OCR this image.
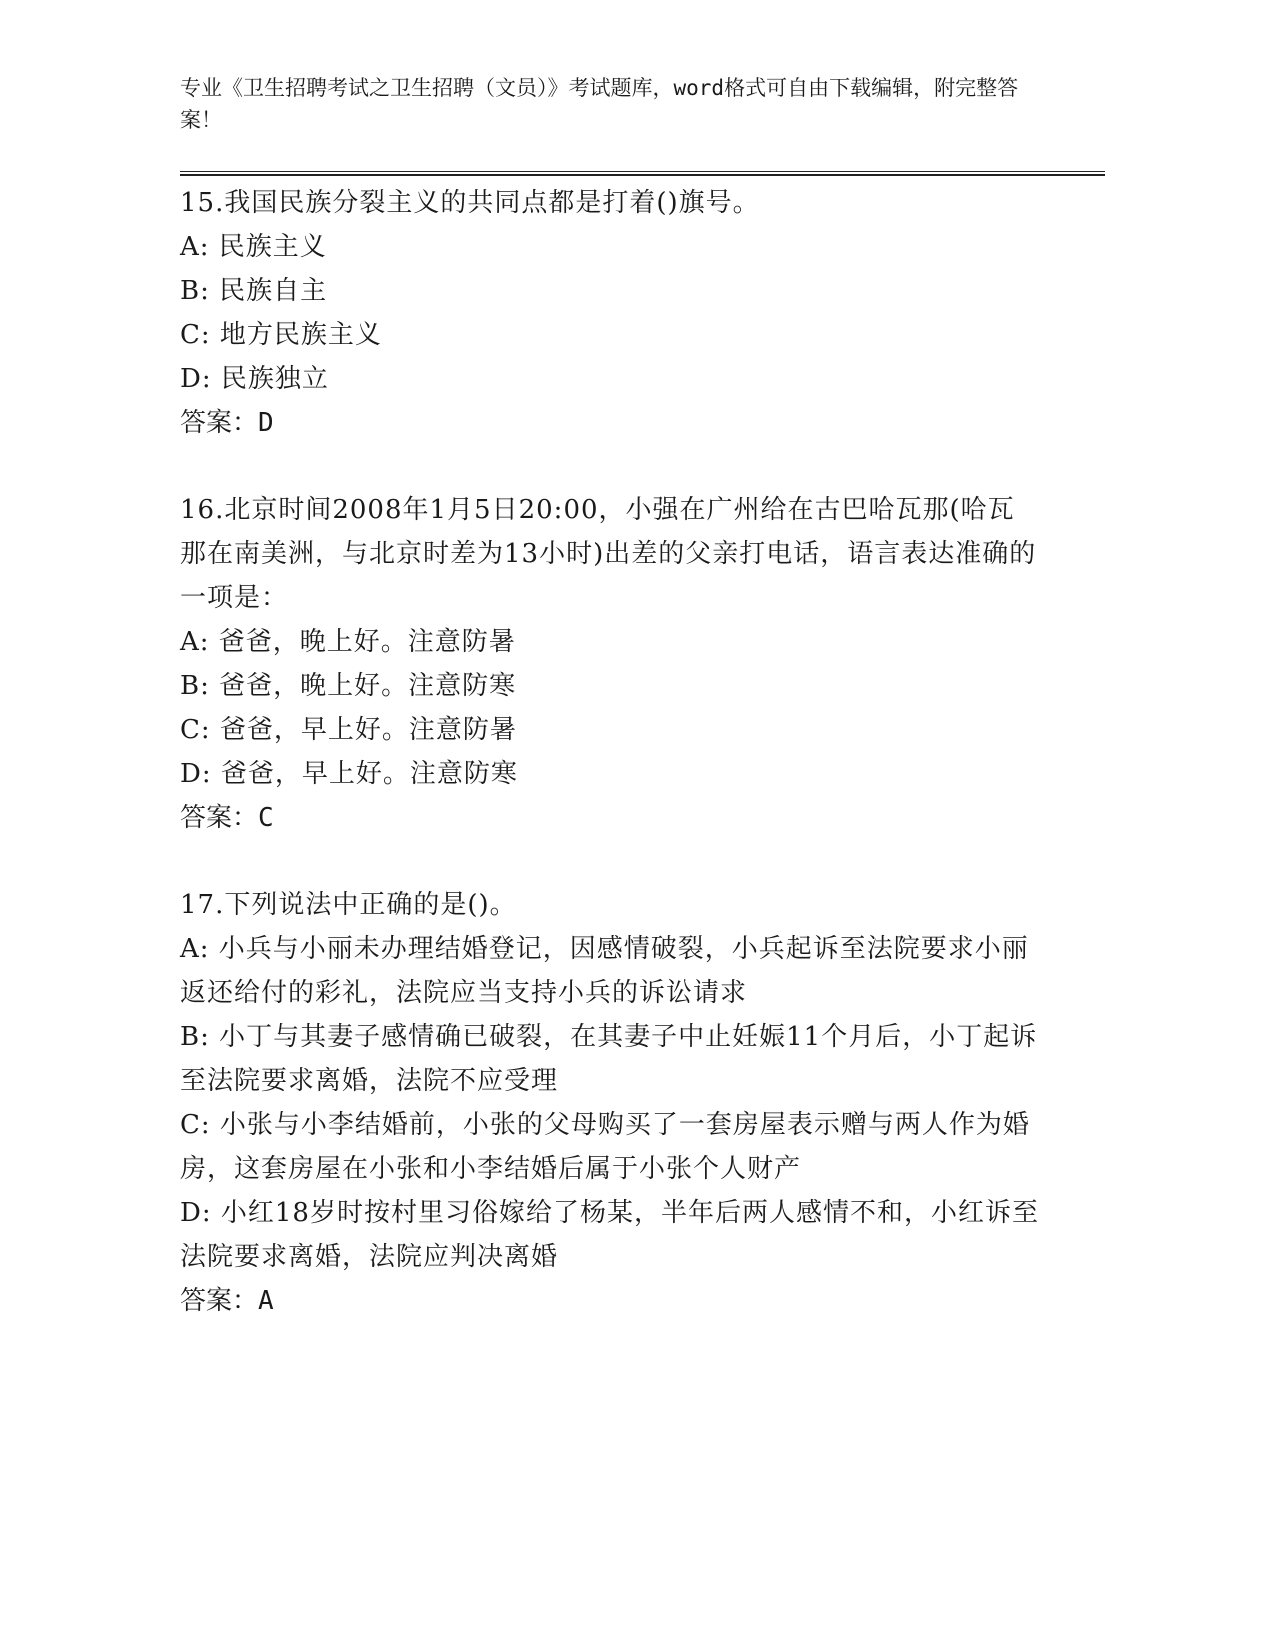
专业《卫生招聘考试之卫生招聘（文员）》考试题库，word格式可自由下载编辑，附完整答案！

15.我国民族分裂主义的共同点都是打着()旗号。

A: 民族主义

B: 民族自主

C: 地方民族主义

D: 民族独立

答案：D

16.北京时间2008年1月5日20:00，小强在广州给在古巴哈瓦那(哈瓦那在南美洲，与北京时差为13小时)出差的父亲打电话，语言表达准确的一项是：

A: 爸爸，晚上好。注意防暑

B: 爸爸，晚上好。注意防寒

C: 爸爸，早上好。注意防暑

D: 爸爸，早上好。注意防寒

答案：C

17.下列说法中正确的是()。

A: 小兵与小丽未办理结婚登记，因感情破裂，小兵起诉至法院要求小丽返还给付的彩礼，法院应当支持小兵的诉讼请求

B: 小丁与其妻子感情确已破裂，在其妻子中止妊娠11个月后，小丁起诉至法院要求离婚，法院不应受理

C: 小张与小李结婚前，小张的父母购买了一套房屋表示赠与两人作为婚房，这套房屋在小张和小李结婚后属于小张个人财产

D: 小红18岁时按村里习俗嫁给了杨某，半年后两人感情不和，小红诉至法院要求离婚，法院应判决离婚

答案：A
